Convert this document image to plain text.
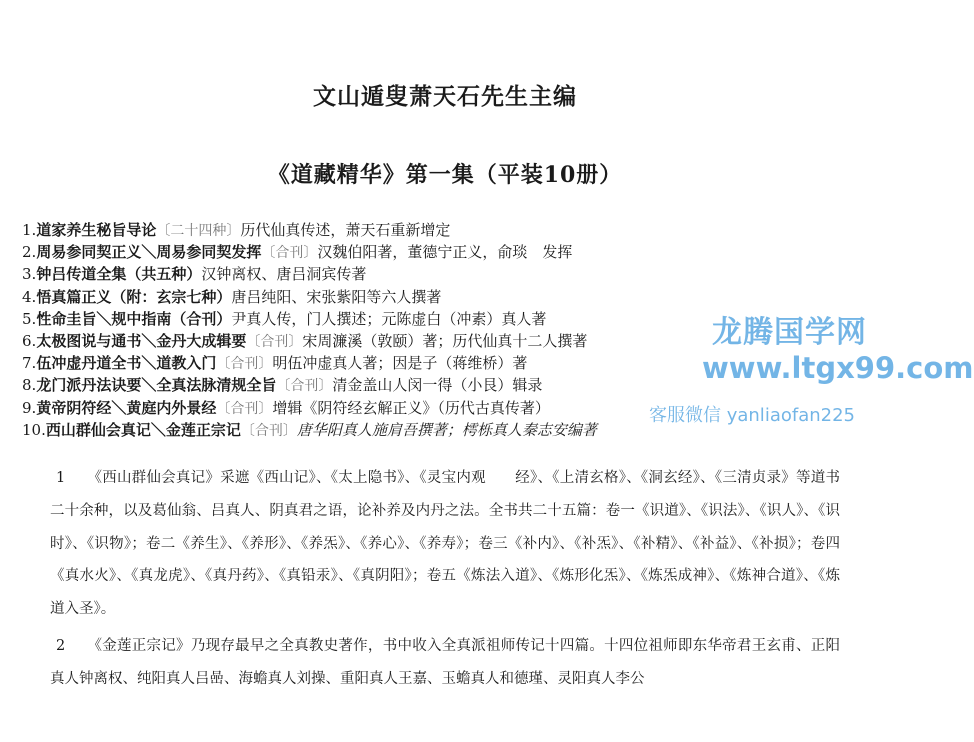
文山遁叟萧天石先生主编
《道藏精华》第一集（平装10册）
1.道家养生秘旨导论〔二十四种〕历代仙真传述，萧天石重新增定
2.周易参同契正义＼周易参同契发挥〔合刊〕汉魏伯阳著，董德宁正义，俞琰　发挥
3.钟吕传道全集（共五种）汉钟离权、唐吕洞宾传著
4.悟真篇正义（附：玄宗七种）唐吕纯阳、宋张紫阳等六人撰著
5.性命圭旨＼规中指南（合刊）尹真人传，门人撰述；元陈虚白（冲素）真人著
6.太极图说与通书＼金丹大成辑要〔合刊〕宋周濂溪（敦颐）著；历代仙真十二人撰著
7.伍冲虚丹道全书＼道教入门〔合刊〕明伍冲虚真人著；因是子（蒋维桥）著
8.龙门派丹法诀要＼全真法脉清规全旨〔合刊〕清金盖山人闵一得（小艮）辑录
9.黄帝阴符经＼黄庭内外景经〔合刊〕增辑《阴符经玄解正义》（历代古真传著）
10.西山群仙会真记＼金莲正宗记〔合刊〕唐华阳真人施肩吾撰著；樗栎真人秦志安编著
龙腾国学网
www.ltgx99.com
客服微信 yanliaofan225

1 《西山群仙会真记》采遮《西山记》、《太上隐书》、《灵宝内观　　经》、《上清玄格》、《洞玄经》、《三清贞录》等道书二十余种，以及葛仙翁、吕真人、阴真君之语，论补养及内丹之法。全书共二十五篇：卷一《识道》、《识法》、《识人》、《识时》、《识物》；卷二《养生》、《养形》、《养炁》、《养心》、《养寿》；卷三《补内》、《补炁》、《补精》、《补益》、《补损》；卷四《真水火》、《真龙虎》、《真丹药》、《真铅汞》、《真阴阳》；卷五《炼法入道》、《炼形化炁》、《炼炁成神》、《炼神合道》、《炼道入圣》。

2 《金莲正宗记》乃现存最早之全真教史著作，书中收入全真派祖师传记十四篇。十四位祖师即东华帝君王玄甫、正阳真人钟离权、纯阳真人吕喦、海蟾真人刘操、重阳真人王嘉、玉蟾真人和德瑾、灵阳真人李公
